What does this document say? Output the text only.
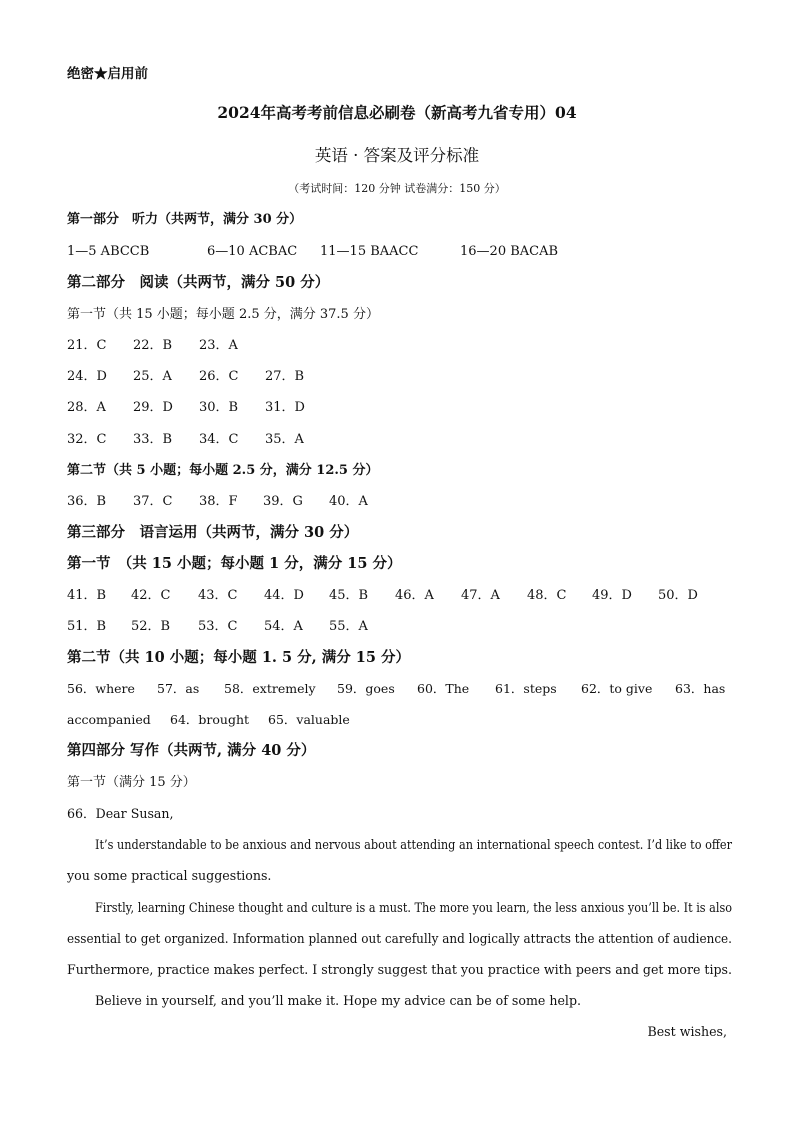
绝密★启用前
2024年高考考前信息必刷卷（新高考九省专用）04
英语 · 答案及评分标准
（考试时间：120 分钟 试卷满分：150 分）
第一部分　听力（共两节，满分 30 分）
1—5 ABCCB	6—10 ACBAC 11—15 BAACC	16—20 BACAB
第二部分　阅读（共两节，满分 50 分）
第一节（共 15 小题；每小题 2.5 分，满分 37.5 分）
21．C 22．B 23．A
24．D 25．A 26．C 27．B
28．A 29．D 30．B 31．D
32．C 33．B 34．C 35．A
第二节（共 5 小题；每小题 2.5 分，满分 12.5 分）
36．B 37．C 38．F 39．G 40．A
第三部分　语言运用（共两节，满分 30 分）
第一节　（共 15 小题；每小题 1 分，满分 15 分）
41．B 42．C 43．C 44．D 45．B 46．A 47．A 48．C 49．D 50．D
51．B 52．B 53．C 54．A 55．A
第二节（共 10 小题；每小题 1. 5 分, 满分 15 分）
56．where 57．as 58．extremely 59．goes 60．The 61．steps 62．to give 63．has
accompanied 64．brought 65．valuable
第四部分 写作（共两节, 满分 40 分）
第一节（满分 15 分）
66．Dear Susan,
It’s understandable to be anxious and nervous about attending an international speech contest. I’d like to offer
you some practical suggestions.
Firstly, learning Chinese thought and culture is a must. The more you learn, the less anxious you’ll be. It is also
essential to get organized. Information planned out carefully and logically attracts the attention of audience.
Furthermore, practice makes perfect. I strongly suggest that you practice with peers and get more tips.
Believe in yourself, and you’ll make it. Hope my advice can be of some help.
Best wishes,
